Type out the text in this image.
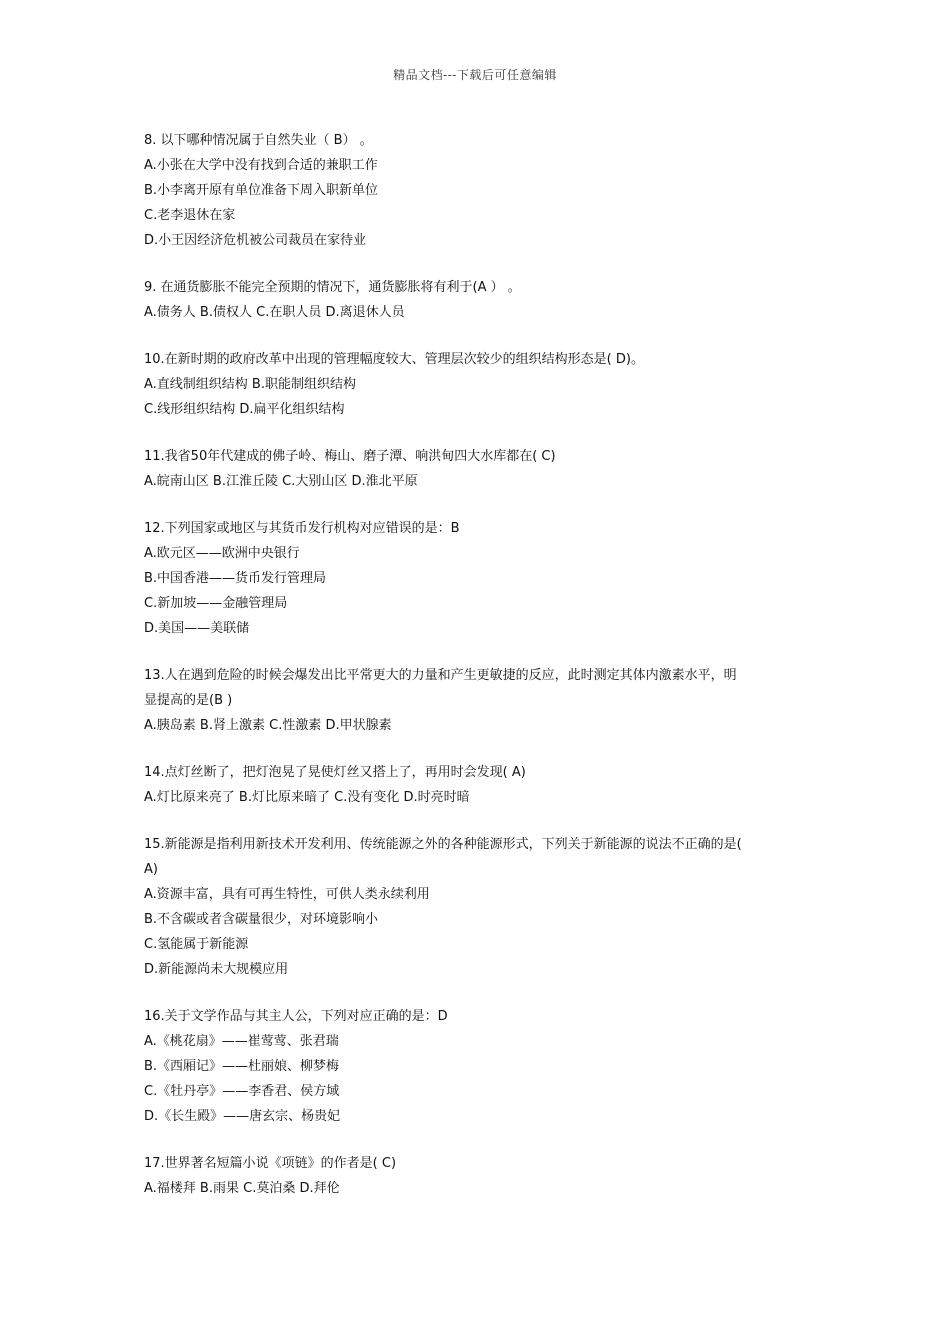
精品文档---下载后可任意编辑
8. 以下哪种情况属于自然失业（ B） 。
A.小张在大学中没有找到合适的兼职工作
B.小李离开原有单位准备下周入职新单位
C.老李退休在家
D.小王因经济危机被公司裁员在家待业
9. 在通货膨胀不能完全预期的情况下，通货膨胀将有利于(A ） 。
A.债务人 B.债权人 C.在职人员 D.离退休人员
10.在新时期的政府改革中出现的管理幅度较大、管理层次较少的组织结构形态是( D)。
A.直线制组织结构 B.职能制组织结构
C.线形组织结构 D.扁平化组织结构
11.我省50年代建成的佛子岭、梅山、磨子潭、响洪甸四大水库都在( C)
A.皖南山区 B.江淮丘陵 C.大别山区 D.淮北平原
12.下列国家或地区与其货币发行机构对应错误的是：B
A.欧元区——欧洲中央银行
B.中国香港——货币发行管理局
C.新加坡——金融管理局
D.美国——美联储
13.人在遇到危险的时候会爆发出比平常更大的力量和产生更敏捷的反应，此时测定其体内激素水平，明
显提高的是(B )
A.胰岛素 B.肾上激素 C.性激素 D.甲状腺素
14.点灯丝断了，把灯泡晃了晃使灯丝又搭上了，再用时会发现( A)
A.灯比原来亮了 B.灯比原来暗了 C.没有变化 D.时亮时暗
15.新能源是指利用新技术开发利用、传统能源之外的各种能源形式，下列关于新能源的说法不正确的是(
A)
A.资源丰富，具有可再生特性，可供人类永续利用
B.不含碳或者含碳量很少，对环境影响小
C.氢能属于新能源
D.新能源尚未大规模应用
16.关于文学作品与其主人公，下列对应正确的是：D
A.《桃花扇》——崔莺莺、张君瑞
B.《西厢记》——杜丽娘、柳梦梅
C.《牡丹亭》——李香君、侯方域
D.《长生殿》——唐玄宗、杨贵妃
17.世界著名短篇小说《项链》的作者是( C)
A.福楼拜 B.雨果 C.莫泊桑 D.拜伦
